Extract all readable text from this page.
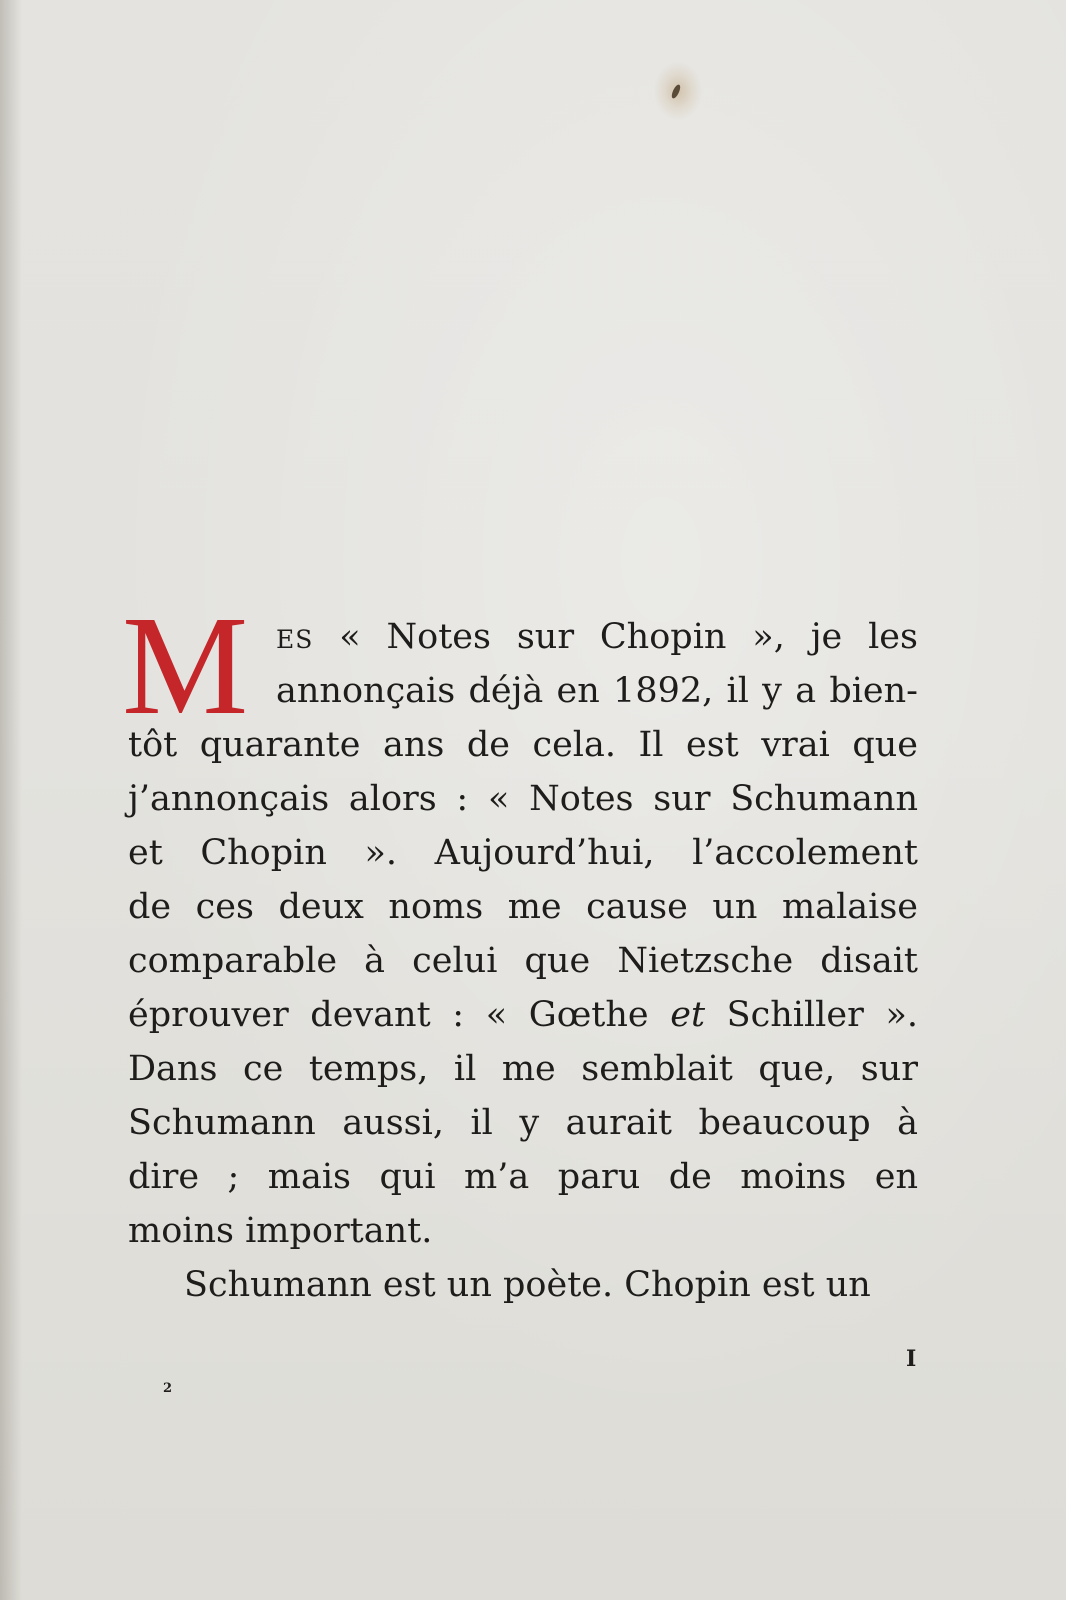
M	ES « Notes sur Chopin », je les
annonçais déjà en 1892, il y a bien-
tôt quarante ans de cela. Il est vrai que
j’annonçais alors : « Notes sur Schumann
et Chopin ». Aujourd’hui, l’accolement
de ces deux noms me cause un malaise
comparable à celui que Nietzsche disait
éprouver devant : « Gœthe et Schiller ».
Dans ce temps, il me semblait que, sur
Schumann aussi, il y aurait beaucoup à
dire ; mais qui m’a paru de moins en
moins important.
Schumann est un poète. Chopin est un
I
2
